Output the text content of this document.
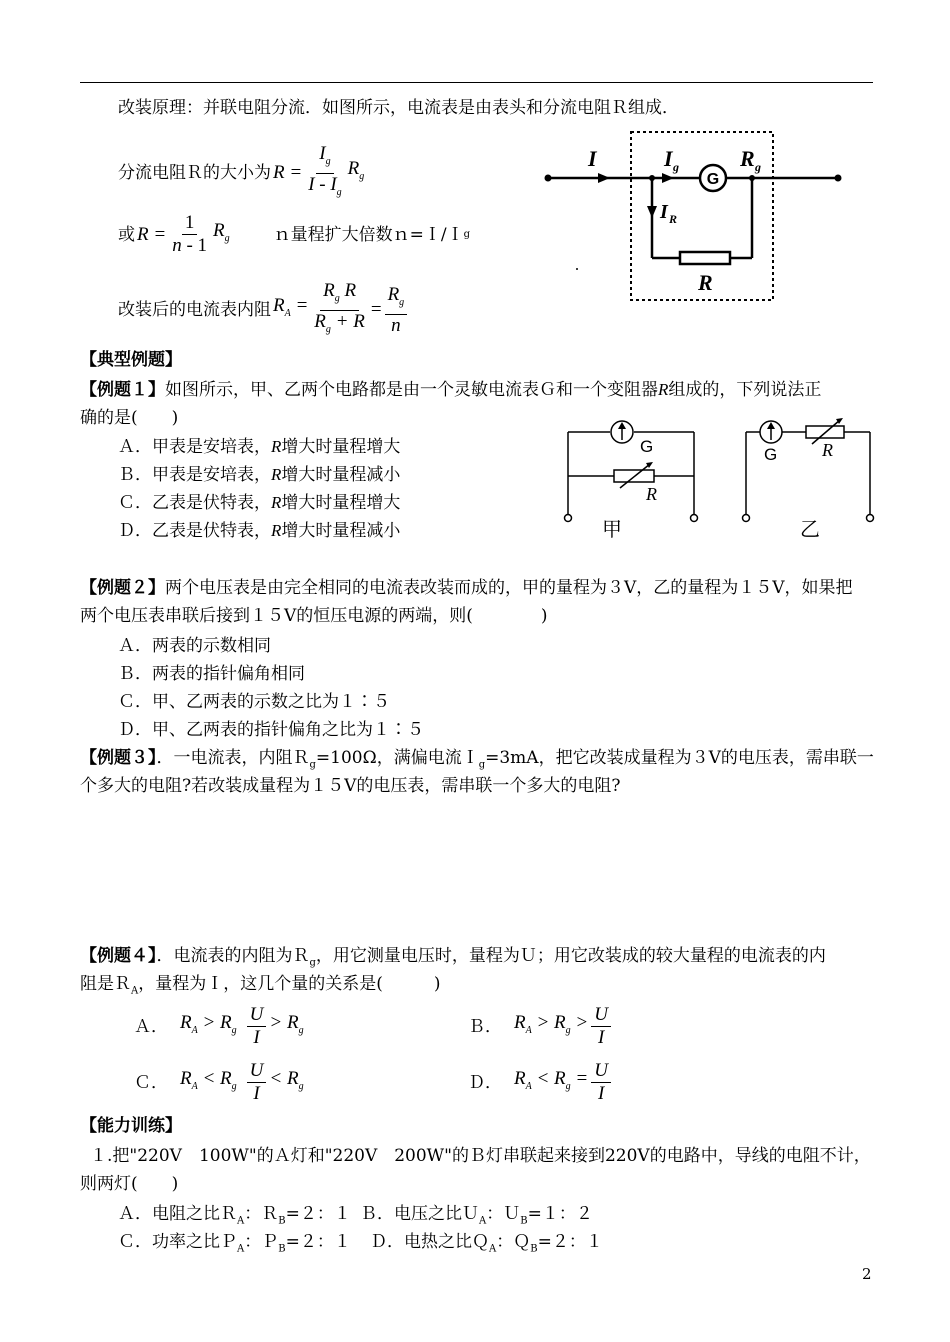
改装原理：并联电阻分流．如图所示，电流表是由表头和分流电阻Ｒ组成．
分流电阻Ｒ的大小为 $R = \frac{I_g}{I - I_g} R_g$
或 $R = \frac{1}{n - 1} R_g$	ｎ量程扩大倍数ｎ=Ｉ/Ｉ g
改装后的电流表内阻 $R_A = \frac{R_g R}{R_g + R} = \frac{R_g}{n}$
G
I	I g	R g
I R
R
【典型例题】
【例题１】如图所示，甲、乙两个电路都是由一个灵敏电流表Ｇ和一个变阻器R组成的，下列说法正
确的是(　　)
Ａ．甲表是安培表，R增大时量程增大
Ｂ．甲表是安培表，R增大时量程减小
Ｃ．乙表是伏特表，R增大时量程增大
Ｄ．乙表是伏特表，R增大时量程减小
G
R
甲
G R
乙
【例题２】两个电压表是由完全相同的电流表改装而成的，甲的量程为３V，乙的量程为１５V，如果把
两个电压表串联后接到１５V的恒压电源的两端，则(　　　　)
Ａ．两表的示数相同
Ｂ．两表的指针偏角相同
Ｃ．甲、乙两表的示数之比为１∶５
Ｄ．甲、乙两表的指针偏角之比为１∶５
【例题３】．一电流表，内阻Ｒ$_g$=100Ω，满偏电流Ｉ$_g$=3mA，把它改装成量程为３V的电压表，需串联一
个多大的电阻?若改装成量程为１５V的电压表，需串联一个多大的电阻?
【例题４】．电流表的内阻为Ｒ$_g$，用它测量电压时，量程为Ｕ；用它改装成的较大量程的电流表的内
阻是Ｒ$_A$，量程为Ｉ，这几个量的关系是(　　　)
Ａ． $R_A > R_g \frac{U}{I} > R_g$	Ｂ． $R_A > R_g > \frac{U}{I}$
Ｃ． $R_A < R_g \frac{U}{I} < R_g$	Ｄ． $R_A < R_g = \frac{U}{I}$
【能力训练】
１.把"220V　100W"的Ａ灯和"220V　200W"的Ｂ灯串联起来接到220V的电路中，导线的电阻不计，
则两灯(　　)
Ａ．电阻之比Ｒ$_A$：Ｒ$_B$=２：１ Ｂ．电压之比Ｕ$_A$：Ｕ$_B$=１：２
Ｃ．功率之比Ｐ$_A$：Ｐ$_B$=２：１ Ｄ．电热之比Ｑ$_A$：Ｑ$_B$=２：１
2
